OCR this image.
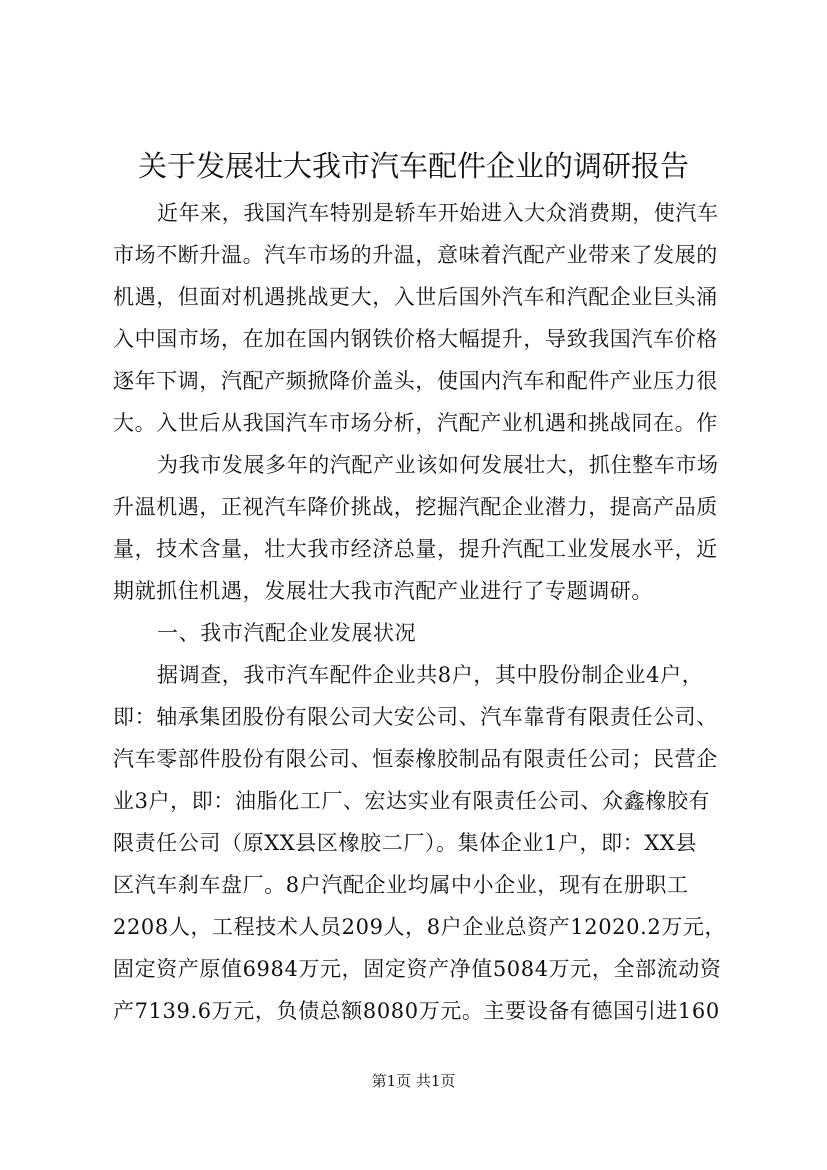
关于发展壮大我市汽车配件企业的调研报告
近年来，我国汽车特别是轿车开始进入大众消费期，使汽车
市场不断升温。汽车市场的升温，意味着汽配产业带来了发展的
机遇，但面对机遇挑战更大，入世后国外汽车和汽配企业巨头涌
入中国市场，在加在国内钢铁价格大幅提升，导致我国汽车价格
逐年下调，汽配产频掀降价盖头，使国内汽车和配件产业压力很
大。入世后从我国汽车市场分析，汽配产业机遇和挑战同在。作
为我市发展多年的汽配产业该如何发展壮大，抓住整车市场
升温机遇，正视汽车降价挑战，挖掘汽配企业潜力，提高产品质
量，技术含量，壮大我市经济总量，提升汽配工业发展水平，近
期就抓住机遇，发展壮大我市汽配产业进行了专题调研。
一、我市汽配企业发展状况
据调查，我市汽车配件企业共8户，其中股份制企业4户，
即：轴承集团股份有限公司大安公司、汽车靠背有限责任公司、
汽车零部件股份有限公司、恒泰橡胶制品有限责任公司；民营企
业3户，即：油脂化工厂、宏达实业有限责任公司、众鑫橡胶有
限责任公司（原XX县区橡胶二厂）。集体企业1户，即：XX县
区汽车刹车盘厂。8户汽配企业均属中小企业，现有在册职工
2208人，工程技术人员209人，8户企业总资产12020.2万元，
固定资产原值6984万元，固定资产净值5084万元，全部流动资
产7139.6万元，负债总额8080万元。主要设备有德国引进160
第1页 共1页
